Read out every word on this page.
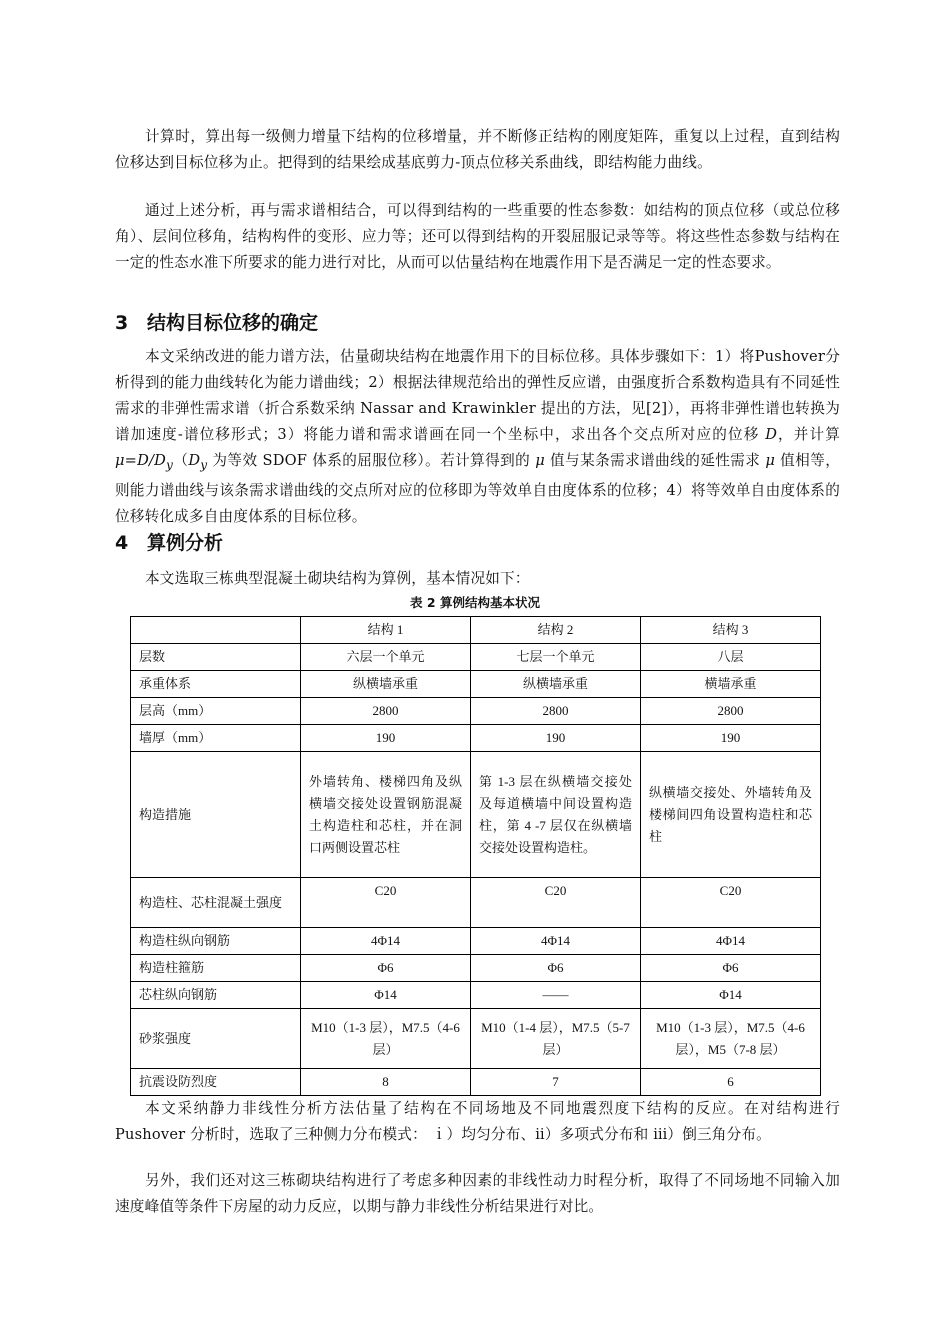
计算时，算出每一级侧力增量下结构的位移增量，并不断修正结构的刚度矩阵，重复以上过程，直到结构位移达到目标位移为止。把得到的结果绘成基底剪力-顶点位移关系曲线，即结构能力曲线。

通过上述分析，再与需求谱相结合，可以得到结构的一些重要的性态参数：如结构的顶点位移（或总位移角）、层间位移角，结构构件的变形、应力等；还可以得到结构的开裂屈服记录等等。将这些性态参数与结构在一定的性态水准下所要求的能力进行对比，从而可以估量结构在地震作用下是否满足一定的性态要求。

3 结构目标位移的确定

本文采纳改进的能力谱方法，估量砌块结构在地震作用下的目标位移。具体步骤如下：1）将Pushover分析得到的能力曲线转化为能力谱曲线；2）根据法律规范给出的弹性反应谱，由强度折合系数构造具有不同延性需求的非弹性需求谱（折合系数采纳 Nassar and Krawinkler 提出的方法，见[2]），再将非弹性谱也转换为谱加速度-谱位移形式；3）将能力谱和需求谱画在同一个坐标中，求出各个交点所对应的位移 D，并计算 $\mu=D/D_y(D_y$ 为等效 SDOF 体系的屈服位移）。若计算得到的 μ 值与某条需求谱曲线的延性需求 μ 值相等，则能力谱曲线与该条需求谱曲线的交点所对应的位移即为等效单自由度体系的位移；4）将等效单自由度体系的位移转化成多自由度体系的目标位移。

4 算例分析

本文选取三栋典型混凝土砌块结构为算例，基本情况如下：

表 2 算例结构基本状况

	结构 1	结构 2	结构 3
层数	六层一个单元	七层一个单元	八层
承重体系	纵横墙承重	纵横墙承重	横墙承重
层高（mm）	2800	2800	2800
墙厚（mm）	190	190	190
构造措施	外墙转角、楼梯四角及纵横墙交接处设置钢筋混凝土构造柱和芯柱，并在洞口两侧设置芯柱	第 1-3 层在纵横墙交接处及每道横墙中间设置构造柱，第 4 -7 层仅在纵横墙交接处设置构造柱。	纵横墙交接处、外墙转角及楼梯间四角设置构造柱和芯柱
构造柱、芯柱混凝土强度	C20	C20	C20
构造柱纵向钢筋	4Φ14	4Φ14	4Φ14
构造柱箍筋	Φ6	Φ6	Φ6
芯柱纵向钢筋	Φ14	——	Φ14
砂浆强度	M10（1-3 层），M7.5（4-6 层）	M10（1-4 层），M7.5（5-7 层）	M10（1-3 层），M7.5（4-6 层），M5（7-8 层）
抗震设防烈度	8	7	6

本文采纳静力非线性分析方法估量了结构在不同场地及不同地震烈度下结构的反应。在对结构进行 Pushover 分析时，选取了三种侧力分布模式： ｉ）均匀分布、ⅱ）多项式分布和 ⅲ）倒三角分布。

另外，我们还对这三栋砌块结构进行了考虑多种因素的非线性动力时程分析，取得了不同场地不同输入加速度峰值等条件下房屋的动力反应，以期与静力非线性分析结果进行对比。
